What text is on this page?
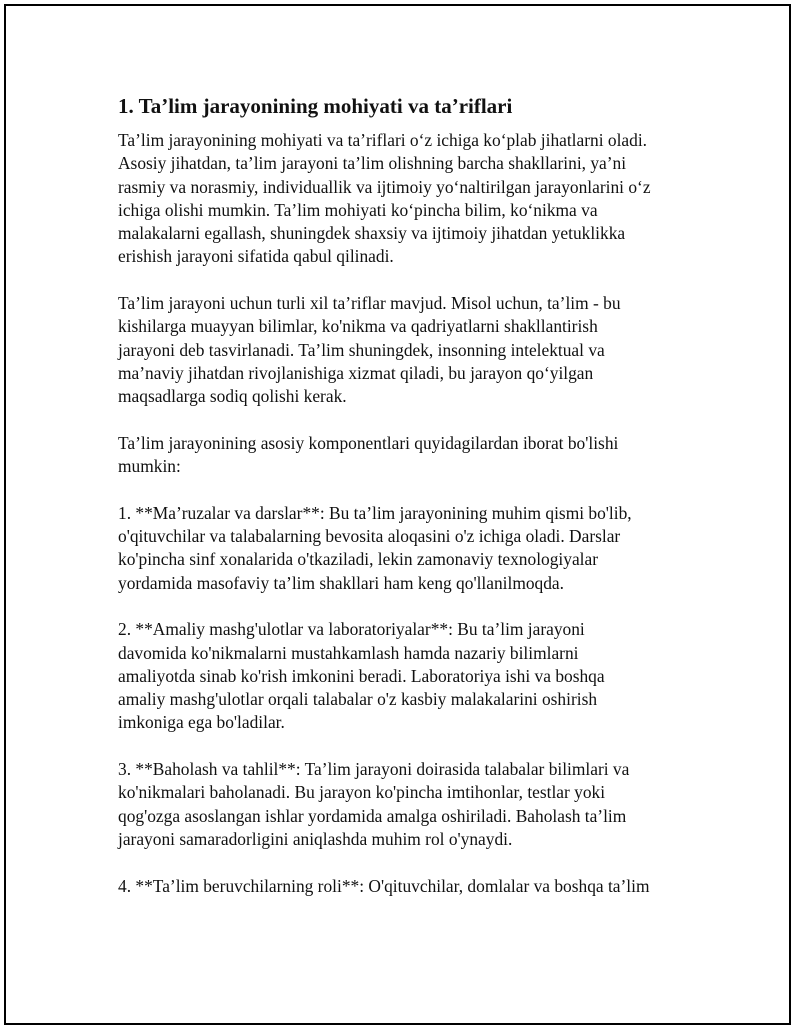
1. Ta’lim jarayonining mohiyati va ta’riflari

Ta’lim jarayonining mohiyati va ta’riflari o‘z ichiga ko‘plab jihatlarni oladi.
Asosiy jihatdan, ta’lim jarayoni ta’lim olishning barcha shakllarini, ya’ni
rasmiy va norasmiy, individuallik va ijtimoiy yo‘naltirilgan jarayonlarini o‘z
ichiga olishi mumkin. Ta’lim mohiyati ko‘pincha bilim, ko‘nikma va
malakalarni egallash, shuningdek shaxsiy va ijtimoiy jihatdan yetuklikka
erishish jarayoni sifatida qabul qilinadi.

Ta’lim jarayoni uchun turli xil ta’riflar mavjud. Misol uchun, ta’lim - bu
kishilarga muayyan bilimlar, ko'nikma va qadriyatlarni shakllantirish
jarayoni deb tasvirlanadi. Ta’lim shuningdek, insonning intelektual va
ma’naviy jihatdan rivojlanishiga xizmat qiladi, bu jarayon qo‘yilgan
maqsadlarga sodiq qolishi kerak.

Ta’lim jarayonining asosiy komponentlari quyidagilardan iborat bo'lishi
mumkin:

1. **Ma’ruzalar va darslar**: Bu ta’lim jarayonining muhim qismi bo'lib,
o'qituvchilar va talabalarning bevosita aloqasini o'z ichiga oladi. Darslar
ko'pincha sinf xonalarida o'tkaziladi, lekin zamonaviy texnologiyalar
yordamida masofaviy ta’lim shakllari ham keng qo'llanilmoqda.

2. **Amaliy mashg'ulotlar va laboratoriyalar**: Bu ta’lim jarayoni
davomida ko'nikmalarni mustahkamlash hamda nazariy bilimlarni
amaliyotda sinab ko'rish imkonini beradi. Laboratoriya ishi va boshqa
amaliy mashg'ulotlar orqali talabalar o'z kasbiy malakalarini oshirish
imkoniga ega bo'ladilar.

3. **Baholash va tahlil**: Ta’lim jarayoni doirasida talabalar bilimlari va
ko'nikmalari baholanadi. Bu jarayon ko'pincha imtihonlar, testlar yoki
qog'ozga asoslangan ishlar yordamida amalga oshiriladi. Baholash ta’lim
jarayoni samaradorligini aniqlashda muhim rol o'ynaydi.

4. **Ta’lim beruvchilarning roli**: O'qituvchilar, domlalar va boshqa ta’lim
